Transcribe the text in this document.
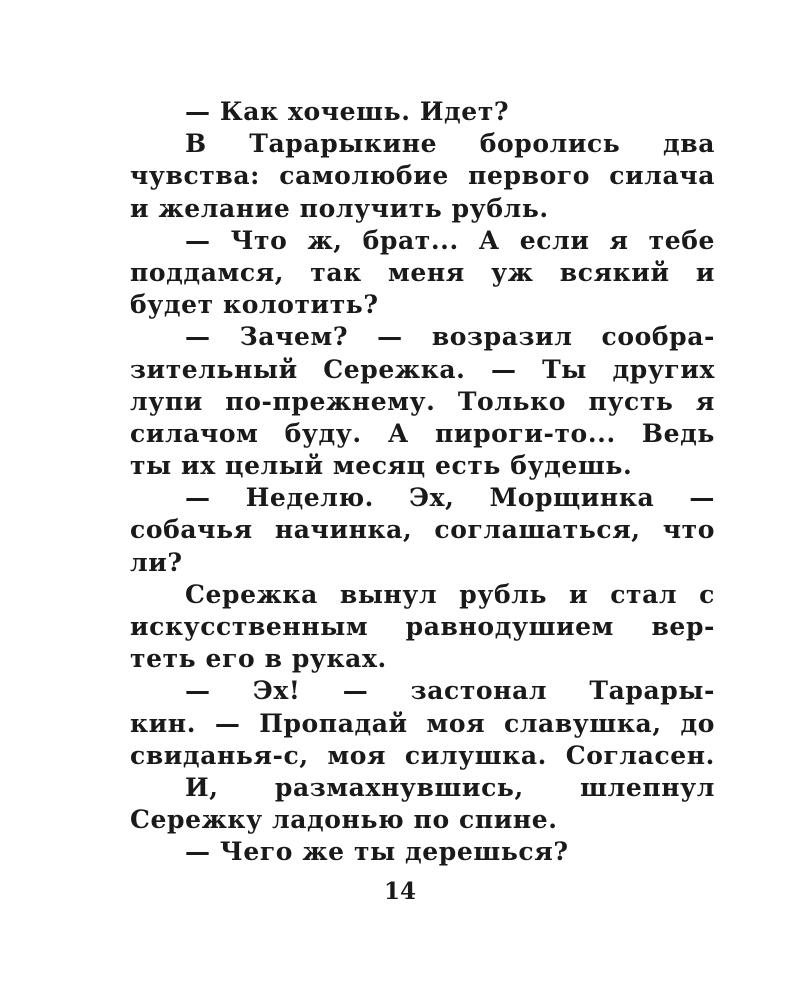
— Как хочешь. Идет?
В Тарарыкине боролись два
чувства: самолюбие первого силача
и желание получить рубль.
— Что ж, брат... А если я тебе
поддамся, так меня уж всякий и
будет колотить?
— Зачем? — возразил сообра-
зительный Сережка. — Ты других
лупи по-прежнему. Только пусть я
силачом буду. А пироги-то... Ведь
ты их целый месяц есть будешь.
— Неделю. Эх, Морщинка —
собачья начинка, соглашаться, что
ли?
Сережка вынул рубль и стал с
искусственным равнодушием вер-
теть его в руках.
— Эх! — застонал Тарары-
кин. — Пропадай моя славушка, до
свиданья-с, моя силушка. Согласен.
И, размахнувшись, шлепнул
Сережку ладонью по спине.
— Чего же ты дерешься?
14
